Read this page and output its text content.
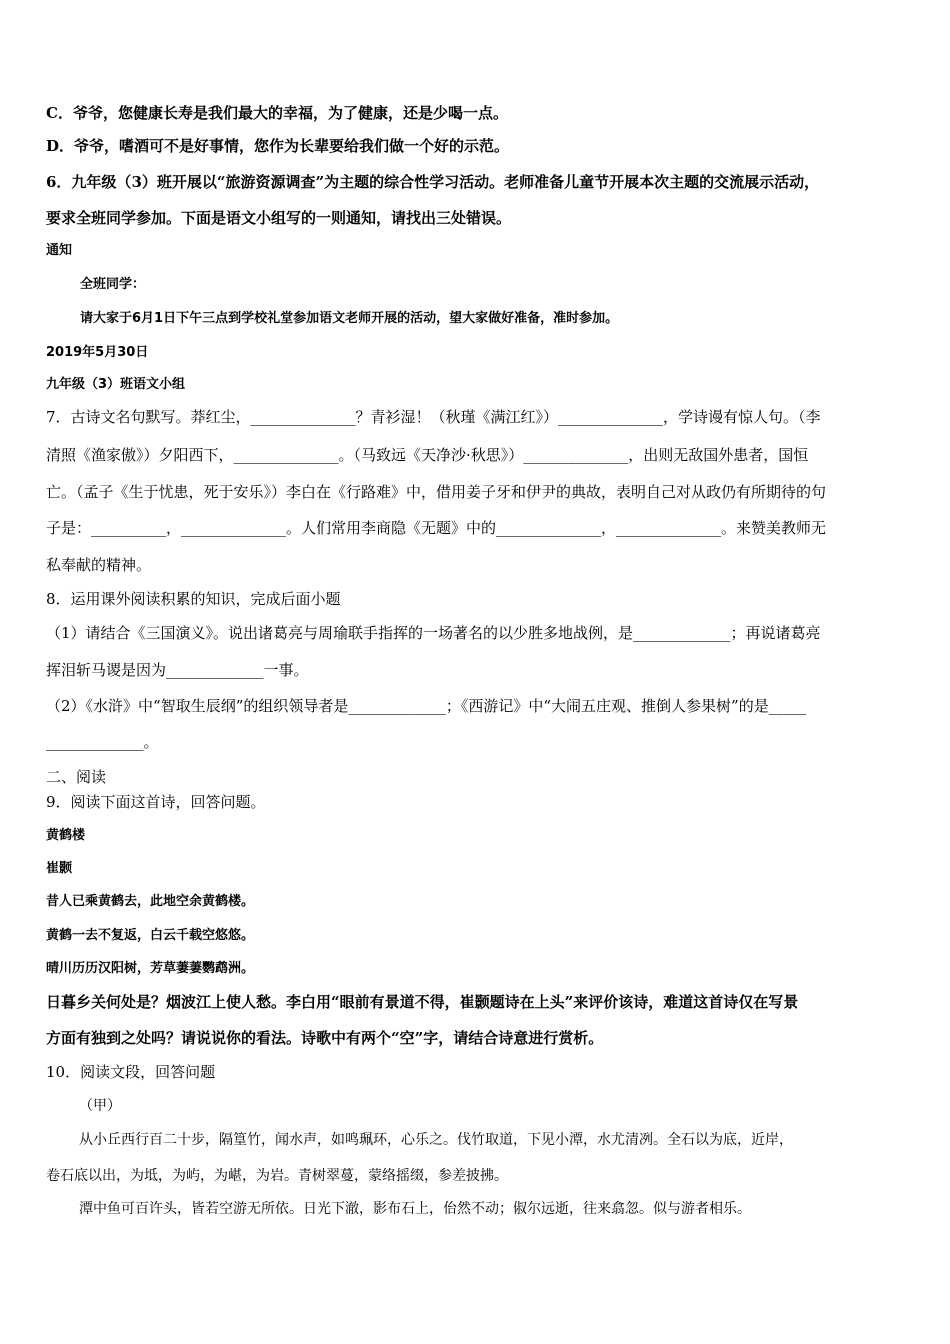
C．爷爷，您健康长寿是我们最大的幸福，为了健康，还是少喝一点。
D．爷爷，嗜酒可不是好事情，您作为长辈要给我们做一个好的示范。
6．九年级（3）班开展以“旅游资源调查”为主题的综合性学习活动。老师准备儿童节开展本次主题的交流展示活动，
要求全班同学参加。下面是语文小组写的一则通知，请找出三处错误。
通知
全班同学：
请大家于6月1日下午三点到学校礼堂参加语文老师开展的活动，望大家做好准备，准时参加。
2019年5月30日
九年级（3）班语文小组
7．古诗文名句默写。莽红尘，______________？青衫湿！（秋瑾《满江红》）______________，学诗谩有惊人句。（李
清照《渔家傲》）夕阳西下，______________。（马致远《天净沙·秋思》）______________，出则无敌国外患者，国恒
亡。（孟子《生于忧患，死于安乐》）李白在《行路难》中，借用姜子牙和伊尹的典故，表明自己对从政仍有所期待的句
子是：__________，______________。人们常用李商隐《无题》中的______________，______________。来赞美教师无
私奉献的精神。
8．运用课外阅读积累的知识，完成后面小题
（1）请结合《三国演义》。说出诸葛亮与周瑜联手指挥的一场著名的以少胜多地战例，是_____________；再说诸葛亮
挥泪斩马谡是因为_____________一事。
（2）《水浒》中“智取生辰纲”的组织领导者是_____________；《西游记》中“大闹五庄观、推倒人参果树”的是_____
_____________。
二、阅读
9．阅读下面这首诗，回答问题。
黄鹤楼
崔颢
昔人已乘黄鹤去，此地空余黄鹤楼。
黄鹤一去不复返，白云千载空悠悠。
晴川历历汉阳树，芳草萋萋鹦鹉洲。
日暮乡关何处是？烟波江上使人愁。李白用“眼前有景道不得，崔颢题诗在上头”来评价该诗，难道这首诗仅在写景
方面有独到之处吗？请说说你的看法。诗歌中有两个“空”字，请结合诗意进行赏析。
10．阅读文段，回答问题
（甲）
从小丘西行百二十步，隔篁竹，闻水声，如鸣珮环，心乐之。伐竹取道，下见小潭，水尤清冽。全石以为底，近岸，
卷石底以出，为坻，为屿，为嵁，为岩。青树翠蔓，蒙络摇缀，参差披拂。
潭中鱼可百许头，皆若空游无所依。日光下澈，影布石上，佁然不动；俶尔远逝，往来翕忽。似与游者相乐。
